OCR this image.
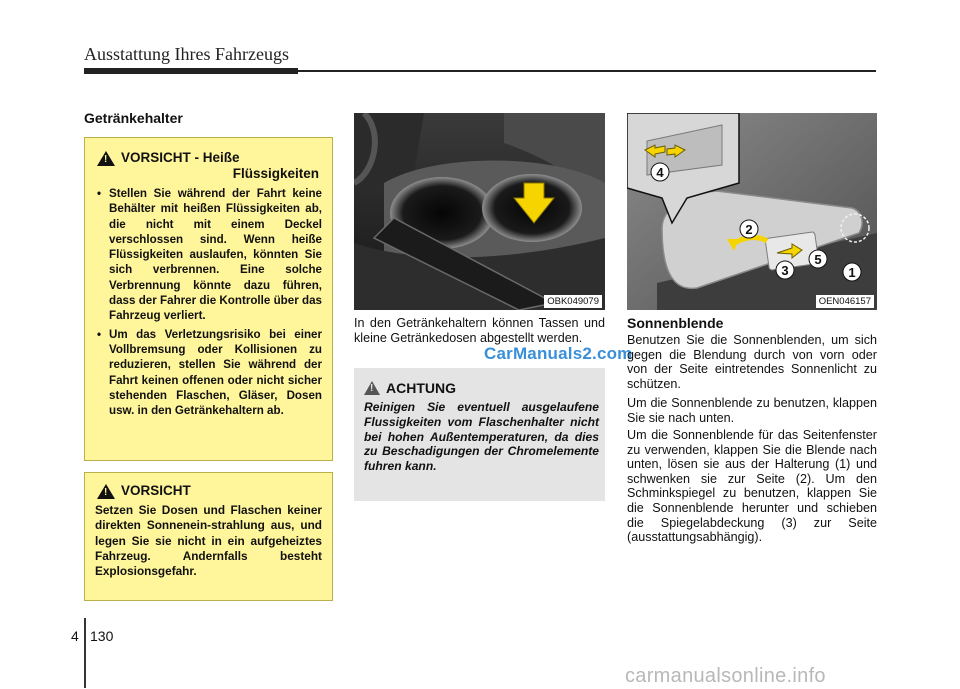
Ausstattung Ihres Fahrzeugs
Getränkehalter
! VORSICHT - Heiße
Flüssigkeiten
• Stellen Sie während der Fahrt keine Behälter mit heißen Flüssigkeiten ab, die nicht mit einem Deckel verschlossen sind. Wenn heiße Flüssigkeiten auslaufen, könnten Sie sich verbrennen. Eine solche Verbrennung könnte dazu führen, dass der Fahrer die Kontrolle über das Fahrzeug verliert.
• Um das Verletzungsrisiko bei einer Vollbremsung oder Kollisionen zu reduzieren, stellen Sie während der Fahrt keinen offenen oder nicht sicher stehenden Flaschen, Gläser, Dosen usw. in den Getränkehaltern ab.
! VORSICHT

Setzen Sie Dosen und Flaschen keiner direkten Sonnenein-strahlung aus, und legen Sie sie nicht in ein aufgeheiztes Fahrzeug. Andernfalls besteht Explosionsgefahr.

OBK049079
4
2
3
5
1
OEN046157

In den Getränkehaltern können Tassen und kleine Getränkedosen abgestellt werden.

CarManuals2.com
! ACHTUNG

Reinigen Sie eventuell ausgelaufene Flussigkeiten vom Flaschenhalter nicht bei hohen Außentemperaturen, da dies zu Beschadigungen der Chromelemente fuhren kann.

Sonnenblende

Benutzen Sie die Sonnenblenden, um sich gegen die Blendung durch von vorn oder von der Seite eintretendes Sonnenlicht zu schützen.

Um die Sonnenblende zu benutzen, klappen Sie sie nach unten.

Um die Sonnenblende für das Seitenfenster zu verwenden, klappen Sie die Blende nach unten, lösen sie aus der Halterung (1) und schwenken sie zur Seite (2). Um den Schminkspiegel zu benutzen, klappen Sie die Sonnenblende herunter und schieben die Spiegelabdeckung (3) zur Seite (ausstattungsabhängig).

4 130
carmanualsonline.info
